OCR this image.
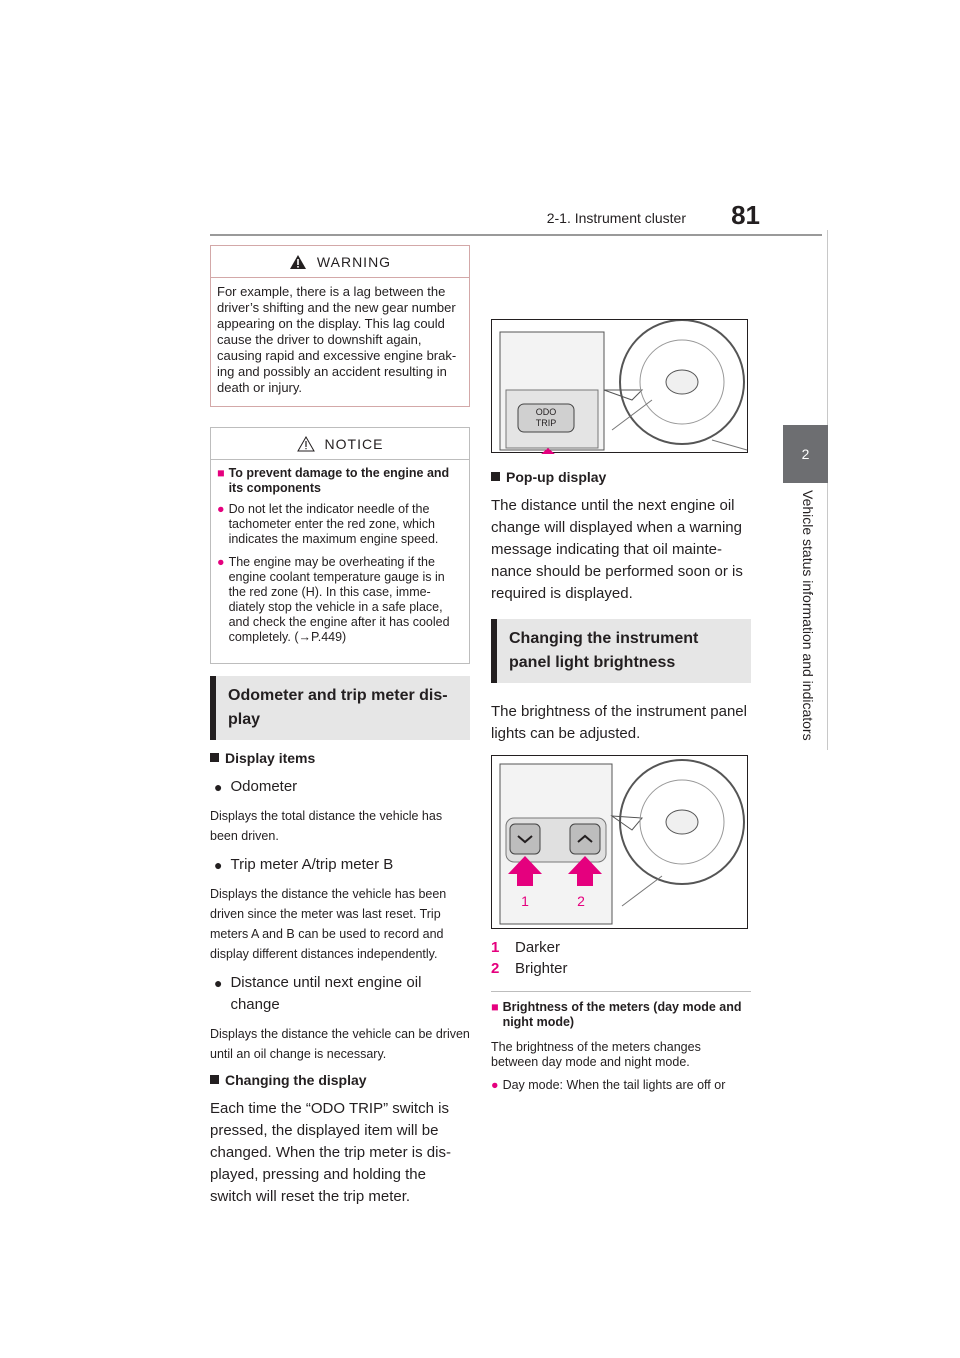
2-1. Instrument cluster 81
2
Vehicle status information and indicators
WARNING
For example, there is a lag between the driver’s shifting and the new gear number appearing on the display. This lag could cause the driver to downshift again, causing rapid and excessive engine brak-ing and possibly an accident resulting in death or injury.
NOTICE
■ To prevent damage to the engine and its components
● Do not let the indicator needle of the tachometer enter the red zone, which indicates the maximum engine speed.
● The engine may be overheating if the engine coolant temperature gauge is in the red zone (H). In this case, imme-diately stop the vehicle in a safe place, and check the engine after it has cooled completely. (→P.449)
Odometer and trip meter dis-play
Display items
● Odometer
Displays the total distance the vehicle has been driven.
● Trip meter A/trip meter B
Displays the distance the vehicle has been driven since the meter was last reset. Trip meters A and B can be used to record and display different distances independently.
● Distance until next engine oil change
Displays the distance the vehicle can be driven until an oil change is necessary.
Changing the display
Each time the “ODO TRIP” switch is pressed, the displayed item will be changed. When the trip meter is dis-played, pressing and holding the switch will reset the trip meter.
ODO
TRIP
Pop-up display
The distance until the next engine oil change will displayed when a warning message indicating that oil mainte-nance should be performed soon or is required is displayed.
Changing the instrument panel light brightness
The brightness of the instrument panel lights can be adjusted.
1	2
1 Darker
2 Brighter
■ Brightness of the meters (day mode and night mode)
The brightness of the meters changes between day mode and night mode.
● Day mode: When the tail lights are off or
